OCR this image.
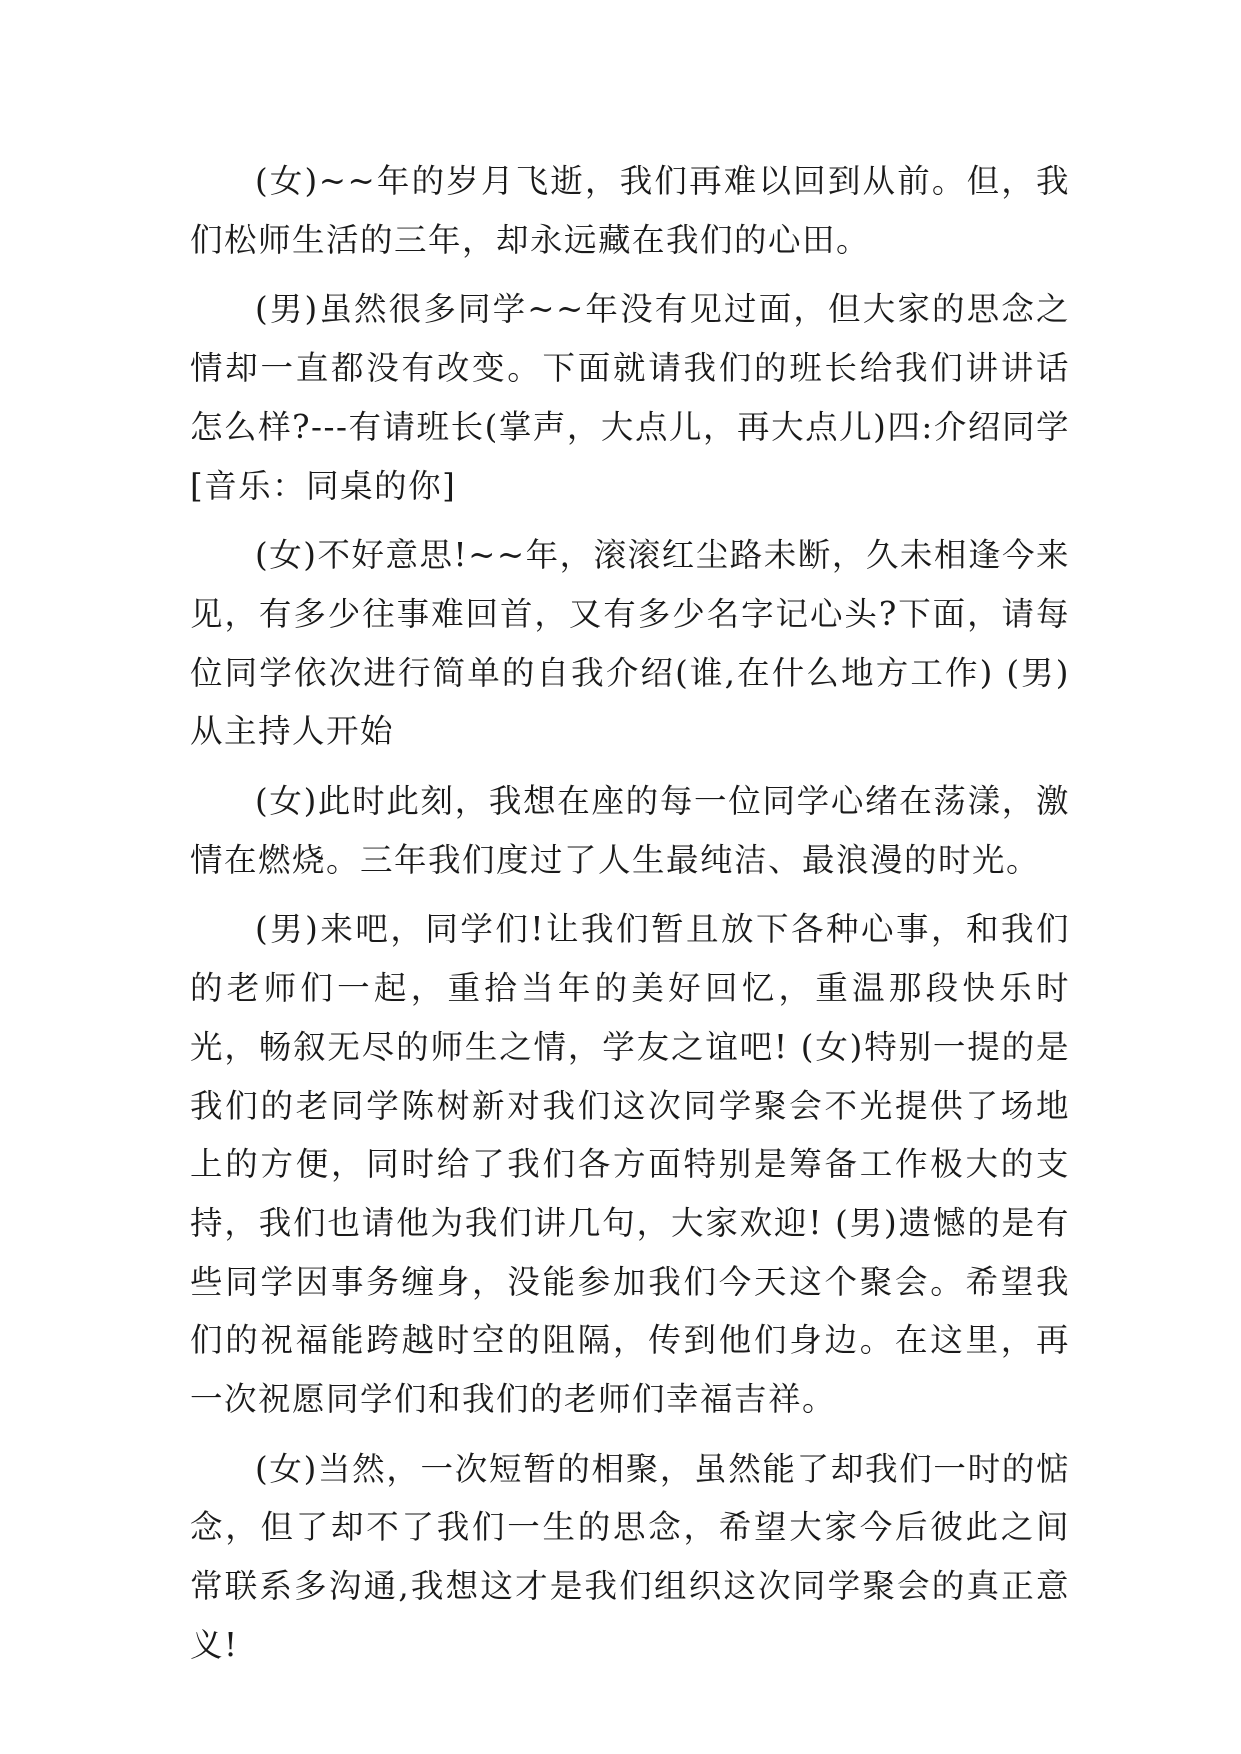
(女)~~年的岁月飞逝，我们再难以回到从前。但，我们松师生活的三年，却永远藏在我们的心田。

(男)虽然很多同学~~年没有见过面，但大家的思念之情却一直都没有改变。下面就请我们的班长给我们讲讲话怎么样?---有请班长(掌声，大点儿，再大点儿)四:介绍同学[音乐：同桌的你]

(女)不好意思!~~年，滚滚红尘路未断，久未相逢今来见，有多少往事难回首，又有多少名字记心头?下面，请每位同学依次进行简单的自我介绍(谁,在什么地方工作) (男)从主持人开始

(女)此时此刻，我想在座的每一位同学心绪在荡漾，激情在燃烧。三年我们度过了人生最纯洁、最浪漫的时光。

(男)来吧，同学们!让我们暂且放下各种心事，和我们的老师们一起，重拾当年的美好回忆，重温那段快乐时光，畅叙无尽的师生之情，学友之谊吧! (女)特别一提的是我们的老同学陈树新对我们这次同学聚会不光提供了场地上的方便，同时给了我们各方面特别是筹备工作极大的支持，我们也请他为我们讲几句，大家欢迎! (男)遗憾的是有些同学因事务缠身，没能参加我们今天这个聚会。希望我们的祝福能跨越时空的阻隔，传到他们身边。在这里，再一次祝愿同学们和我们的老师们幸福吉祥。

(女)当然，一次短暂的相聚，虽然能了却我们一时的惦念，但了却不了我们一生的思念，希望大家今后彼此之间常联系多沟通,我想这才是我们组织这次同学聚会的真正意义!
